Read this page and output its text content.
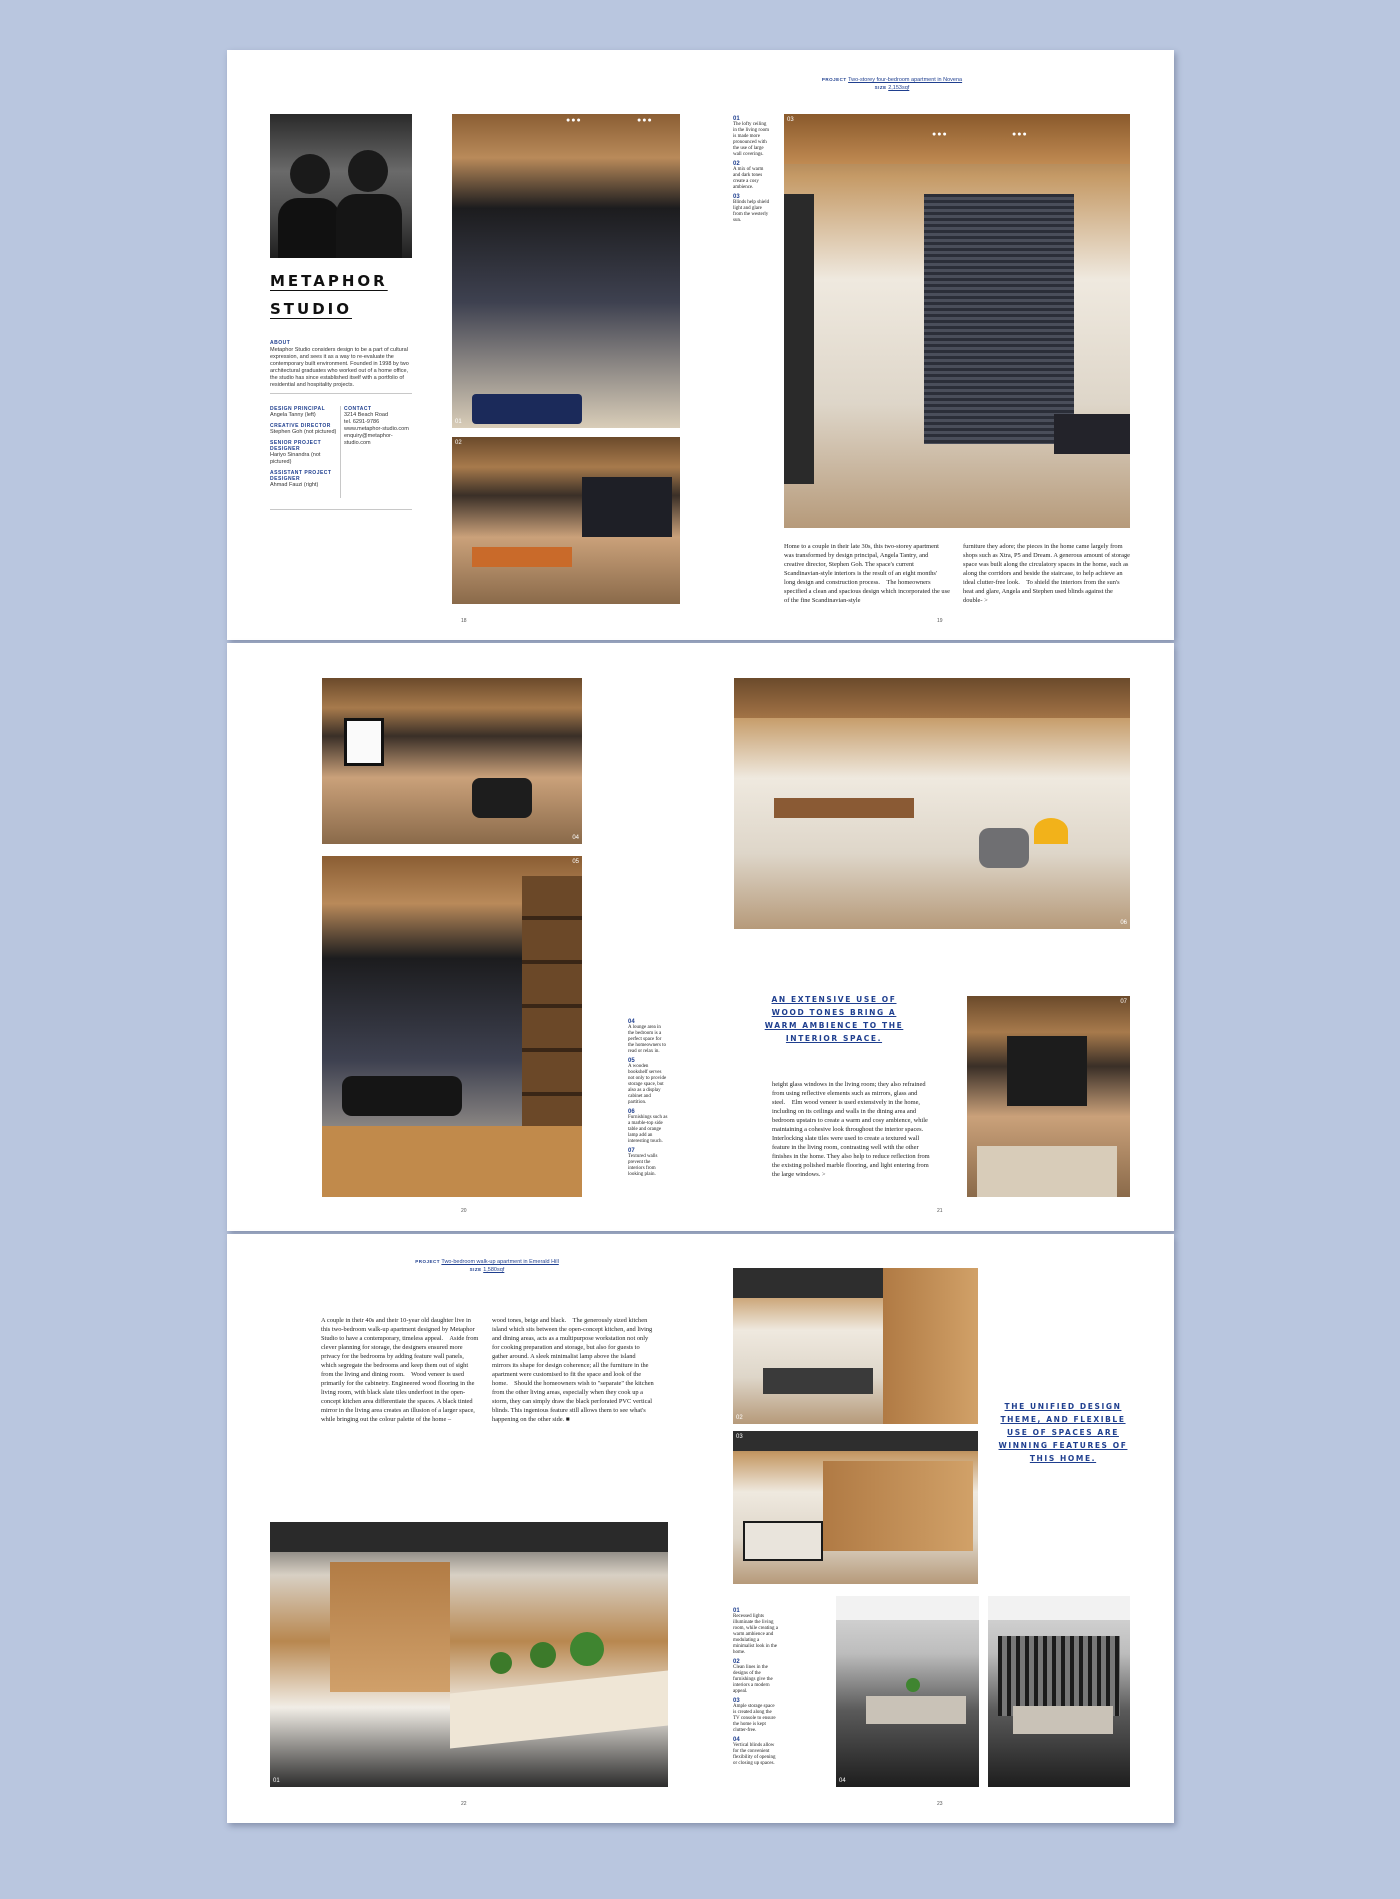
METAPHOR
STUDIO
ABOUT
Metaphor Studio considers design to be a part of cultural expression, and sees it as a way to re-evaluate the contemporary built environment. Founded in 1998 by two architectural graduates who worked out of a home office, the studio has since established itself with a portfolio of residential and hospitality projects.
DESIGN PRINCIPAL
Angela Tanny (left)
CREATIVE DIRECTOR
Stephen Goh (not pictured)
SENIOR PROJECT DESIGNER
Hariyo Sinandra (not pictured)
ASSISTANT PROJECT DESIGNER
Ahmad Fauzi (right)
CONTACT
3214 Beach Road
tel. 6291-9786
www.metaphor-studio.com
enquiry@metaphor-studio.com
●●●	●●●
01
02
18
PROJECT Two-storey four-bedroom apartment in Novena
SIZE 2,153sqf
01
The lofty ceiling in the living room is made more pronounced with the use of large wall coverings.
02
A mix of warm and dark tones create a cosy ambience.
03
Blinds help shield light and glare from the westerly sun.
●●●	●●●
03
Home to a couple in their late 30s, this two-storey apartment was transformed by design principal, Angela Tantry, and creative director, Stephen Goh. The space's current Scandinavian-style interiors is the result of an eight months' long design and construction process. The homeowners specified a clean and spacious design which incorporated the use of the fine Scandinavian-style
furniture they adore; the pieces in the home came largely from shops such as Xtra, P5 and Dream. A generous amount of storage space was built along the circulatory spaces in the home, such as along the corridors and beside the staircase, to help achieve an ideal clutter-free look. To shield the interiors from the sun's heat and glare, Angela and Stephen used blinds against the double- >
19
04
05
20
04
A lounge area in the bedroom is a perfect space for the homeowners to read or relax in.
05
A wooden bookshelf serves not only to provide storage space, but also as a display cabinet and partition.
06
Furnishings such as a marble-top side table and orange lamp add an interesting touch.
07
Textured walls prevent the interiors from looking plain.
06
AN EXTENSIVE USE OF WOOD TONES BRING A WARM AMBIENCE TO THE INTERIOR SPACE.
height glass windows in the living room; they also refrained from using reflective elements such as mirrors, glass and steel. Elm wood veneer is used extensively in the home, including on its ceilings and walls in the dining area and bedroom upstairs to create a warm and cosy ambience, while maintaining a cohesive look throughout the interior spaces. Interlocking slate tiles were used to create a textured wall feature in the living room, contrasting well with the other finishes in the home. They also help to reduce reflection from the existing polished marble flooring, and light entering from the large windows. >
07
21
PROJECT Two-bedroom walk-up apartment in Emerald Hill
SIZE 1,580sqf
A couple in their 40s and their 10-year old daughter live in this two-bedroom walk-up apartment designed by Metaphor Studio to have a contemporary, timeless appeal. Aside from clever planning for storage, the designers ensured more privacy for the bedrooms by adding feature wall panels, which segregate the bedrooms and keep them out of sight from the living and dining room. Wood veneer is used primarily for the cabinetry. Engineered wood flooring in the living room, with black slate tiles underfoot in the open-concept kitchen area differentiate the spaces. A black tinted mirror in the living area creates an illusion of a larger space, while bringing out the colour palette of the home –
wood tones, beige and black. The generously sized kitchen island which sits between the open-concept kitchen, and living and dining areas, acts as a multipurpose workstation not only for cooking preparation and storage, but also for guests to gather around. A sleek minimalist lamp above the island mirrors its shape for design coherence; all the furniture in the apartment were customised to fit the space and look of the home. Should the homeowners wish to "separate" the kitchen from the other living areas, especially when they cook up a storm, they can simply draw the black perforated PVC vertical blinds. This ingenious feature still allows them to see what's happening on the other side. ■
01
22
02
03
THE UNIFIED DESIGN THEME, AND FLEXIBLE USE OF SPACES ARE WINNING FEATURES OF THIS HOME.
01
Recessed lights illuminate the living room, while creating a warm ambience and modulating a minimalist look in the home.
02
Clean lines in the designs of the furnishings give the interiors a modern appeal.
03
Ample storage space is created along the TV console to ensure the home is kept clutter-free.
04
Vertical blinds allow for the convenient flexibility of opening or closing up spaces.
04
23
